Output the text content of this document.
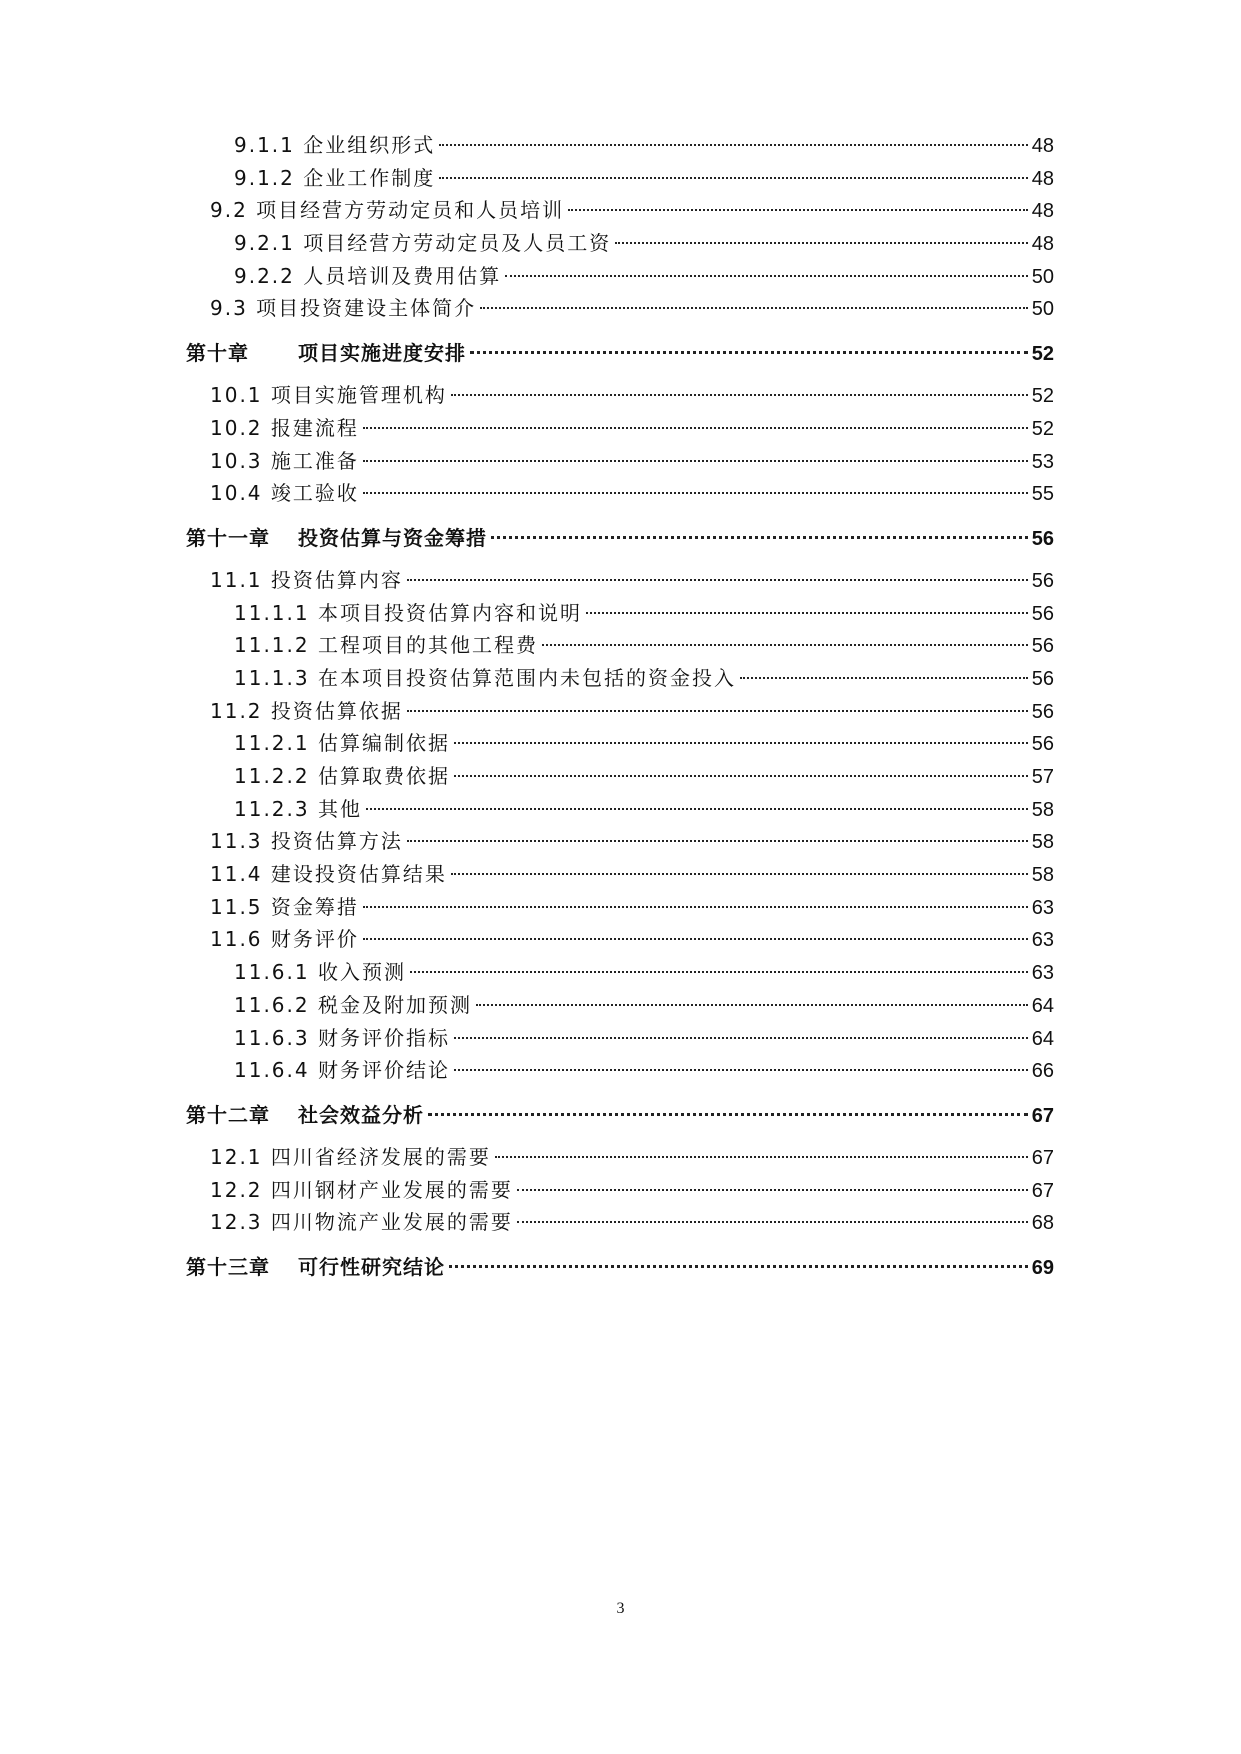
9.1.1 企业组织形式	48
9.1.2 企业工作制度	48
9.2 项目经营方劳动定员和人员培训	48
9.2.1 项目经营方劳动定员及人员工资	48
9.2.2 人员培训及费用估算	50
9.3 项目投资建设主体简介	50
第十章 项目实施进度安排	52
10.1 项目实施管理机构	52
10.2 报建流程	52
10.3 施工准备	53
10.4 竣工验收	55
第十一章 投资估算与资金筹措	56
11.1 投资估算内容	56
11.1.1 本项目投资估算内容和说明	56
11.1.2 工程项目的其他工程费	56
11.1.3 在本项目投资估算范围内未包括的资金投入	56
11.2 投资估算依据	56
11.2.1 估算编制依据	56
11.2.2 估算取费依据	57
11.2.3 其他	58
11.3 投资估算方法	58
11.4 建设投资估算结果	58
11.5 资金筹措	63
11.6 财务评价	63
11.6.1 收入预测	63
11.6.2 税金及附加预测	64
11.6.3 财务评价指标	64
11.6.4 财务评价结论	66
第十二章 社会效益分析	67
12.1 四川省经济发展的需要	67
12.2 四川钢材产业发展的需要	67
12.3 四川物流产业发展的需要	68
第十三章 可行性研究结论	69
3
